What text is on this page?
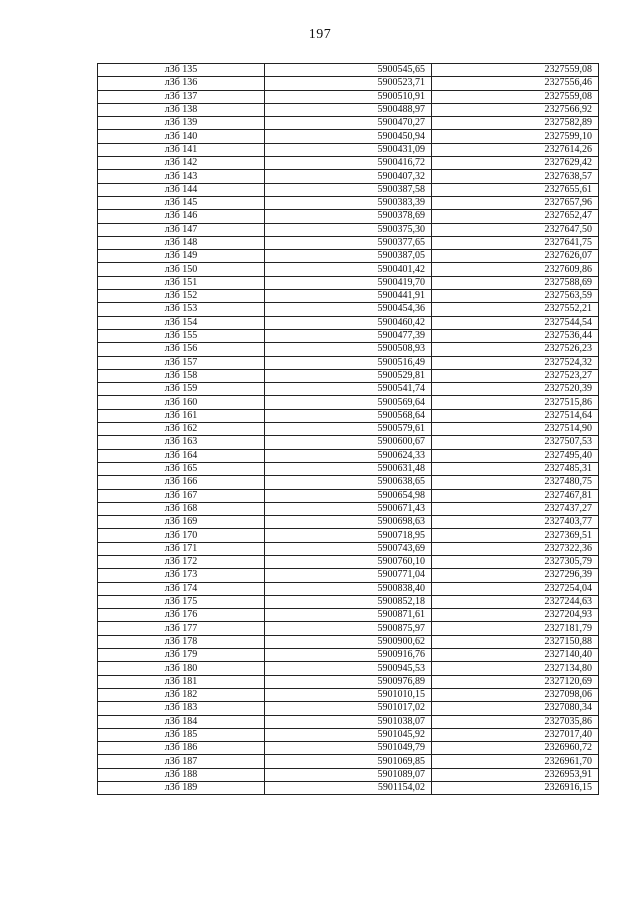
197
лЗб 135	5900545,65	2327559,08
лЗб 136	5900523,71	2327556,46
лЗб 137	5900510,91	2327559,08
лЗб 138	5900488,97	2327566,92
лЗб 139	5900470,27	2327582,89
лЗб 140	5900450,94	2327599,10
лЗб 141	5900431,09	2327614,26
лЗб 142	5900416,72	2327629,42
лЗб 143	5900407,32	2327638,57
лЗб 144	5900387,58	2327655,61
лЗб 145	5900383,39	2327657,96
лЗб 146	5900378,69	2327652,47
лЗб 147	5900375,30	2327647,50
лЗб 148	5900377,65	2327641,75
лЗб 149	5900387,05	2327626,07
лЗб 150	5900401,42	2327609,86
лЗб 151	5900419,70	2327588,69
лЗб 152	5900441,91	2327563,59
лЗб 153	5900454,36	2327552,21
лЗб 154	5900460,42	2327544,54
лЗб 155	5900477,39	2327536,44
лЗб 156	5900508,93	2327526,23
лЗб 157	5900516,49	2327524,32
лЗб 158	5900529,81	2327523,27
лЗб 159	5900541,74	2327520,39
лЗб 160	5900569,64	2327515,86
лЗб 161	5900568,64	2327514,64
лЗб 162	5900579,61	2327514,90
лЗб 163	5900600,67	2327507,53
лЗб 164	5900624,33	2327495,40
лЗб 165	5900631,48	2327485,31
лЗб 166	5900638,65	2327480,75
лЗб 167	5900654,98	2327467,81
лЗб 168	5900671,43	2327437,27
лЗб 169	5900698,63	2327403,77
лЗб 170	5900718,95	2327369,51
лЗб 171	5900743,69	2327322,36
лЗб 172	5900760,10	2327305,79
лЗб 173	5900771,04	2327296,39
лЗб 174	5900838,40	2327254,04
лЗб 175	5900852,18	2327244,63
лЗб 176	5900871,61	2327204,93
лЗб 177	5900875,97	2327181,79
лЗб 178	5900900,62	2327150,88
лЗб 179	5900916,76	2327140,40
лЗб 180	5900945,53	2327134,80
лЗб 181	5900976,89	2327120,69
лЗб 182	5901010,15	2327098,06
лЗб 183	5901017,02	2327080,34
лЗб 184	5901038,07	2327035,86
лЗб 185	5901045,92	2327017,40
лЗб 186	5901049,79	2326960,72
лЗб 187	5901069,85	2326961,70
лЗб 188	5901089,07	2326953,91
лЗб 189	5901154,02	2326916,15
